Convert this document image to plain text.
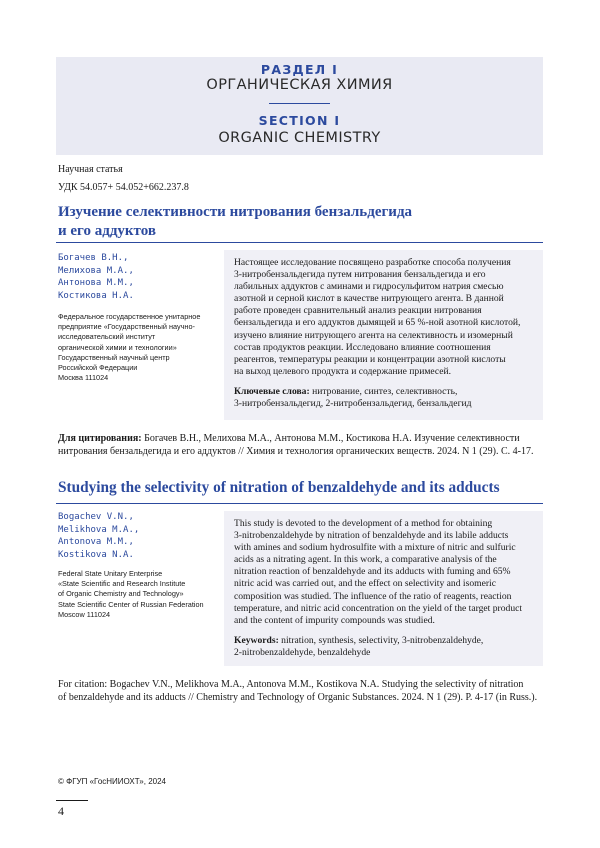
РАЗДЕЛ I
ОРГАНИЧЕСКАЯ ХИМИЯ
SECTION I
ORGANIC CHEMISTRY
Научная статья
УДК 54.057+ 54.052+662.237.8
Изучение селективности нитрования бензальдегида
и его аддуктов
Богачев В.Н.,
Мелихова М.А.,
Антонова М.М.,
Костикова Н.А.
Федеральное государственное унитарное
предприятие «Государственный научно-
исследовательский институт
органической химии и технологии»
Государственный научный центр
Российской Федерации
Москва 111024

Настоящее исследование посвящено разработке способа получения
3-нитробензальдегида путем нитрования бензальдегида и его
лабильных аддуктов с аминами и гидросульфитом натрия смесью
азотной и серной кислот в качестве нитрующего агента. В данной
работе проведен сравнительный анализ реакции нитрования
бензальдегида и его аддуктов дымящей и 65 %-ной азотной кислотой,
изучено влияние нитрующего агента на селективность и изомерный
состав продуктов реакции. Исследовано влияние соотношения
реагентов, температуры реакции и концентрации азотной кислоты
на выход целевого продукта и содержание примесей.

Ключевые слова: нитрование, синтез, селективность,
3-нитробензальдегид, 2-нитробензальдегид, бензальдегид

Для цитирования: Богачев В.Н., Мелихова М.А., Антонова М.М., Костикова Н.А. Изучение селективности
нитрования бензальдегида и его аддуктов // Химия и технология органических веществ. 2024. N 1 (29). С. 4-17.
Studying the selectivity of nitration of benzaldehyde and its adducts
Bogachev V.N.,
Melikhova M.A.,
Antonova M.M.,
Kostikova N.A.
Federal State Unitary Enterprise
«State Scientific and Research Institute
of Organic Chemistry and Technology»
State Scientific Center of Russian Federation
Moscow 111024

This study is devoted to the development of a method for obtaining
3-nitrobenzaldehyde by nitration of benzaldehyde and its labile adducts
with amines and sodium hydrosulfite with a mixture of nitric and sulfuric
acids as a nitrating agent. In this work, a comparative analysis of the
nitration reaction of benzaldehyde and its adducts with fuming and 65%
nitric acid was carried out, and the effect on selectivity and isomeric
composition was studied. The influence of the ratio of reagents, reaction
temperature, and nitric acid concentration on the yield of the target product
and the content of impurity compounds was studied.

Keywords: nitration, synthesis, selectivity, 3-nitrobenzaldehyde,
2-nitrobenzaldehyde, benzaldehyde

For citation: Bogachev V.N., Melikhova M.A., Antonova M.M., Kostikova N.A. Studying the selectivity of nitration
of benzaldehyde and its adducts // Chemistry and Technology of Organic Substances. 2024. N 1 (29). P. 4-17 (in Russ.).
© ФГУП «ГосНИИОХТ», 2024
4
